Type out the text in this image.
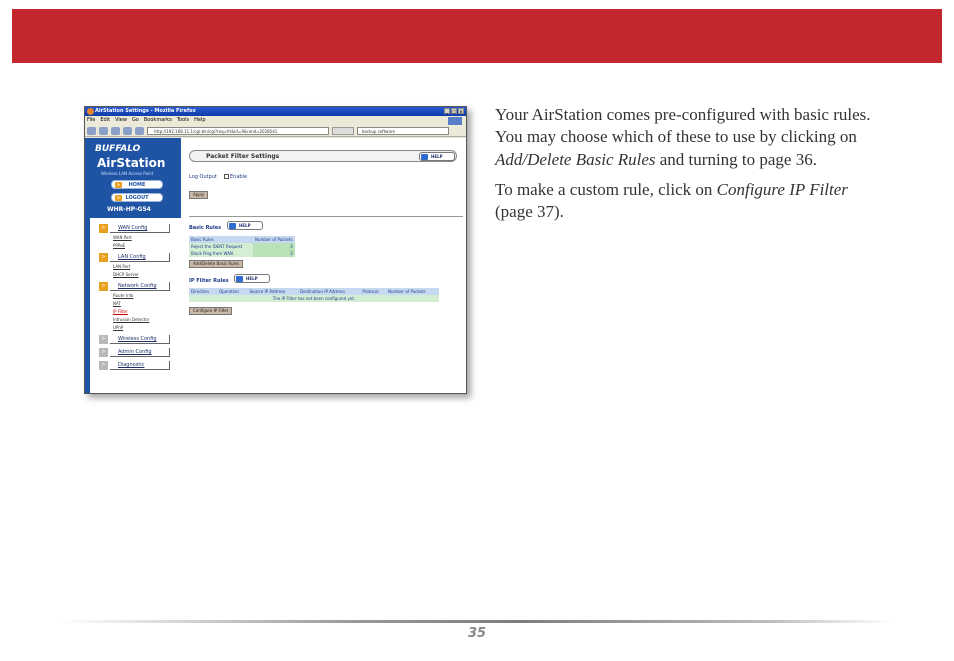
AirStation Settings - Mozilla Firefox	_	□ ×
File Edit View Go Bookmarks Tools Help
http://192.168.11.1/cgi-bin/cgi?req=frl&id=9&rand=2028541	backup software
BUFFALO
AirStation
Wireless LAN Access Point
>	HOME
>	LOGOUT
WHR-HP-G54
>	WAN Config
WAN Port
PPPoE
>	LAN Config
LAN Port
DHCP Server
>	Network Config
Route Info
NAT
IP Filter
Intrusion Detector
UPnP
>	Wireless Config
>	Admin Config
>	Diagnostic
Packet Filter Settings	HELP
Log Output	Enable
Apply
Basic Rules	HELP
Basic Rules	Number of Packets
Reject the IDENT Request	3
Block Ping from WAN	3
Add/Delete Basic Rules
IP Filter Rules	HELP
Direction	Operation	Source IP Address	Destination IP Address	Protocol	Number of Packets
The IP Filter has not been configured yet.
Configure IP Filter

Your AirStation comes pre-configured with basic rules. You may choose which of these to use by clicking on Add/Delete Basic Rules and turning to page 36.

To make a custom rule, click on Configure IP Filter (page 37).

35
